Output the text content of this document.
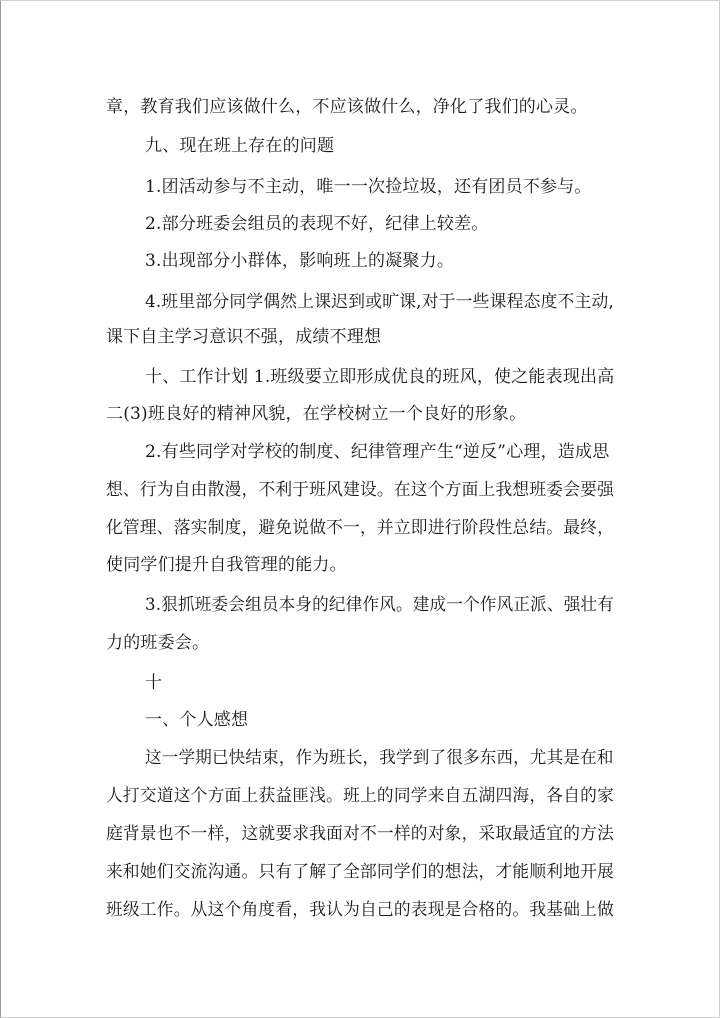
章，教育我们应该做什么，不应该做什么，净化了我们的心灵。
九、现在班上存在的问题
1.团活动参与不主动，唯一一次捡垃圾，还有团员不参与。
2.部分班委会组员的表现不好，纪律上较差。
3.出现部分小群体，影响班上的凝聚力。
4.班里部分同学偶然上课迟到或旷课,对于一些课程态度不主动,
课下自主学习意识不强，成绩不理想
十、工作计划 1.班级要立即形成优良的班风，使之能表现出高
二(3)班良好的精神风貌，在学校树立一个良好的形象。
2.有些同学对学校的制度、纪律管理产生“逆反”心理，造成思
想、行为自由散漫，不利于班风建设。在这个方面上我想班委会要强
化管理、落实制度，避免说做不一，并立即进行阶段性总结。最终，
使同学们提升自我管理的能力。
3.狠抓班委会组员本身的纪律作风。建成一个作风正派、强壮有
力的班委会。
十
一、个人感想
这一学期已快结束，作为班长，我学到了很多东西，尤其是在和
人打交道这个方面上获益匪浅。班上的同学来自五湖四海，各自的家
庭背景也不一样，这就要求我面对不一样的对象，采取最适宜的方法
来和她们交流沟通。只有了解了全部同学们的想法，才能顺利地开展
班级工作。从这个角度看，我认为自己的表现是合格的。我基础上做
